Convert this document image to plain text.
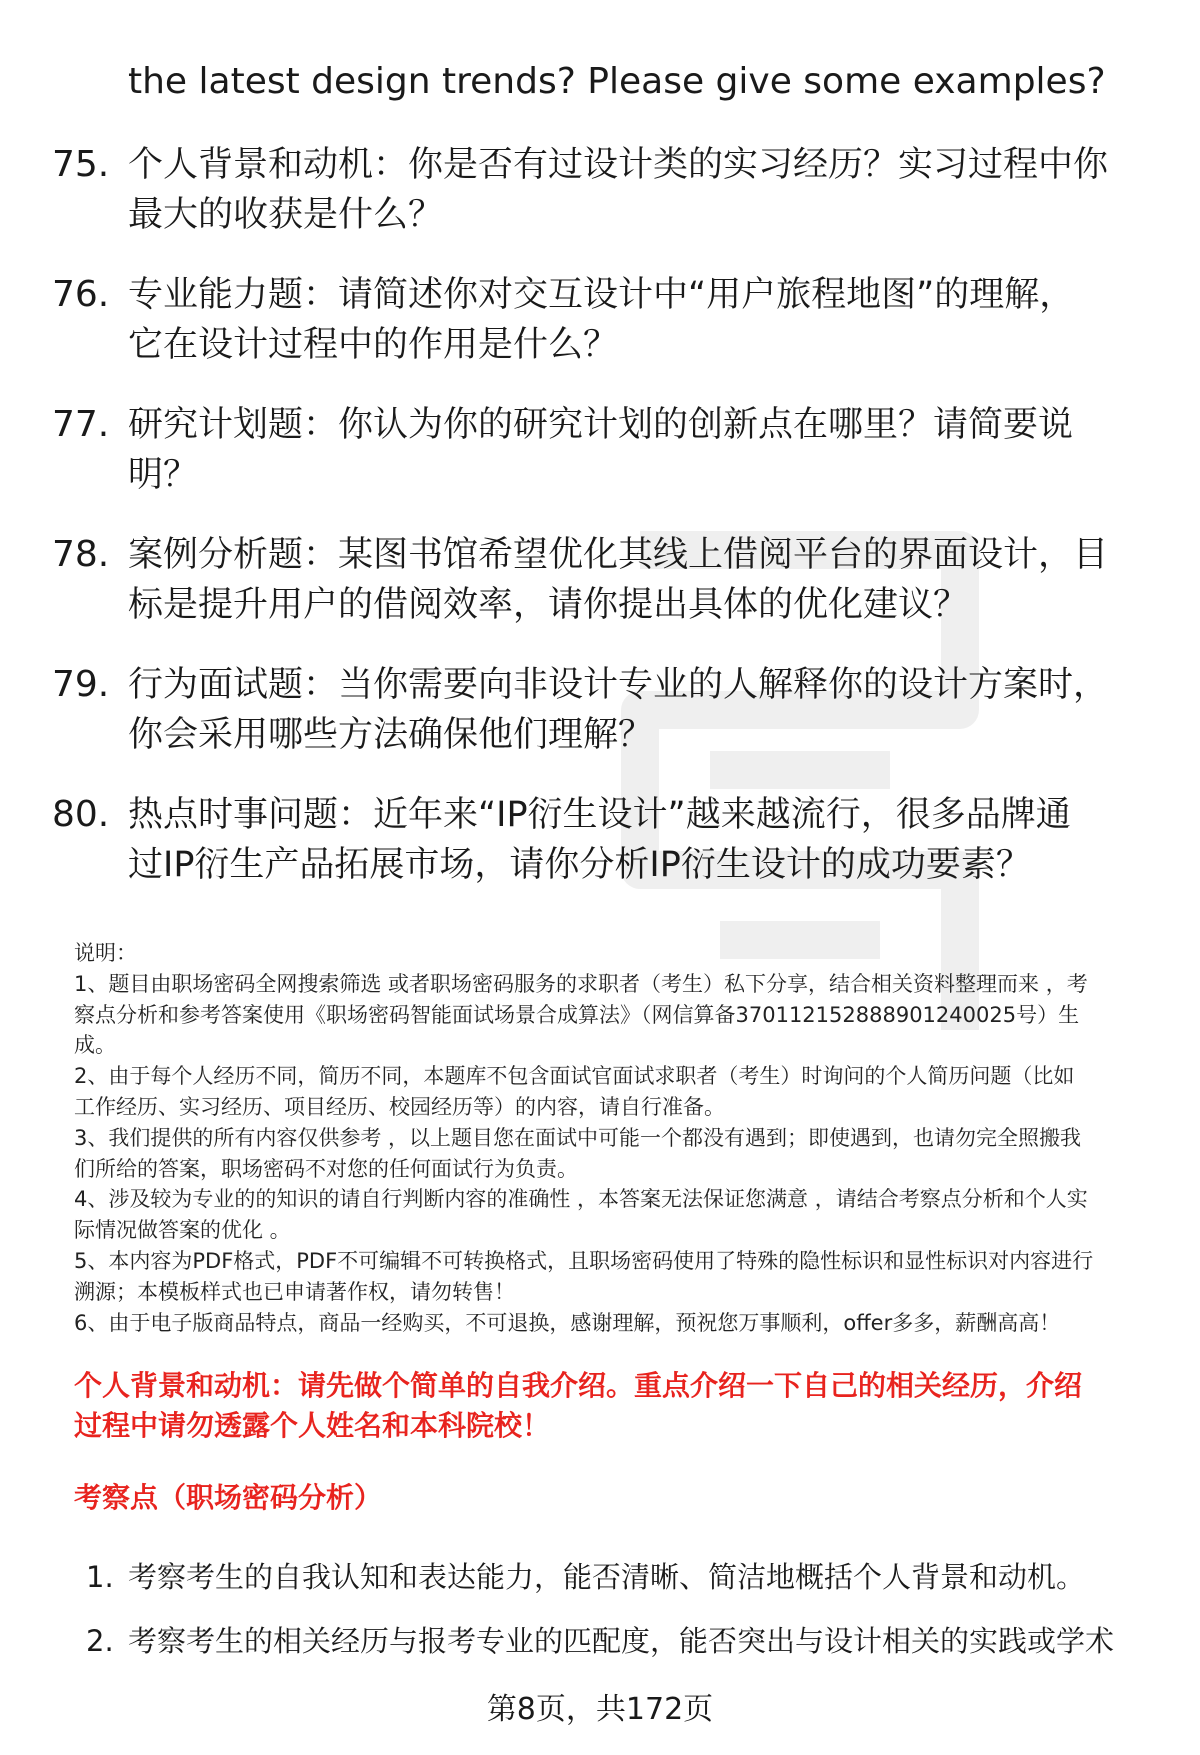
the latest design trends? Please give some examples?
75. 个人背景和动机：你是否有过设计类的实习经历？实习过程中你
最大的收获是什么？
76. 专业能力题：请简述你对交互设计中“用户旅程地图”的理解，
它在设计过程中的作用是什么？
77. 研究计划题：你认为你的研究计划的创新点在哪里？请简要说
明？
78. 案例分析题：某图书馆希望优化其线上借阅平台的界面设计，目
标是提升用户的借阅效率，请你提出具体的优化建议？
79. 行为面试题：当你需要向非设计专业的人解释你的设计方案时，
你会采用哪些方法确保他们理解？
80. 热点时事问题：近年来“IP衍生设计”越来越流行，很多品牌通
过IP衍生产品拓展市场，请你分析IP衍生设计的成功要素？
说明：
1、题目由职场密码全网搜索筛选 或者职场密码服务的求职者（考生）私下分享，结合相关资料整理而来 ，考
察点分析和参考答案使用《职场密码智能面试场景合成算法》（网信算备370112152888901240025号）生
成。
2、由于每个人经历不同，简历不同，本题库不包含面试官面试求职者（考生）时询问的个人简历问题（比如
工作经历、实习经历、项目经历、校园经历等）的内容，请自行准备。
3、我们提供的所有内容仅供参考 ，以上题目您在面试中可能一个都没有遇到；即使遇到，也请勿完全照搬我
们所给的答案，职场密码不对您的任何面试行为负责。
4、涉及较为专业的的知识的请自行判断内容的准确性 ，本答案无法保证您满意 ，请结合考察点分析和个人实
际情况做答案的优化 。
5、本内容为PDF格式，PDF不可编辑不可转换格式，且职场密码使用了特殊的隐性标识和显性标识对内容进行
溯源；本模板样式也已申请著作权，请勿转售！
6、由于电子版商品特点，商品一经购买，不可退换，感谢理解，预祝您万事顺利，offer多多，薪酬高高！
个人背景和动机：请先做个简单的自我介绍。重点介绍一下自己的相关经历，介绍
过程中请勿透露个人姓名和本科院校！
考察点（职场密码分析）
1. 考察考生的自我认知和表达能力，能否清晰、简洁地概括个人背景和动机。
2. 考察考生的相关经历与报考专业的匹配度，能否突出与设计相关的实践或学术
第8页，共172页
